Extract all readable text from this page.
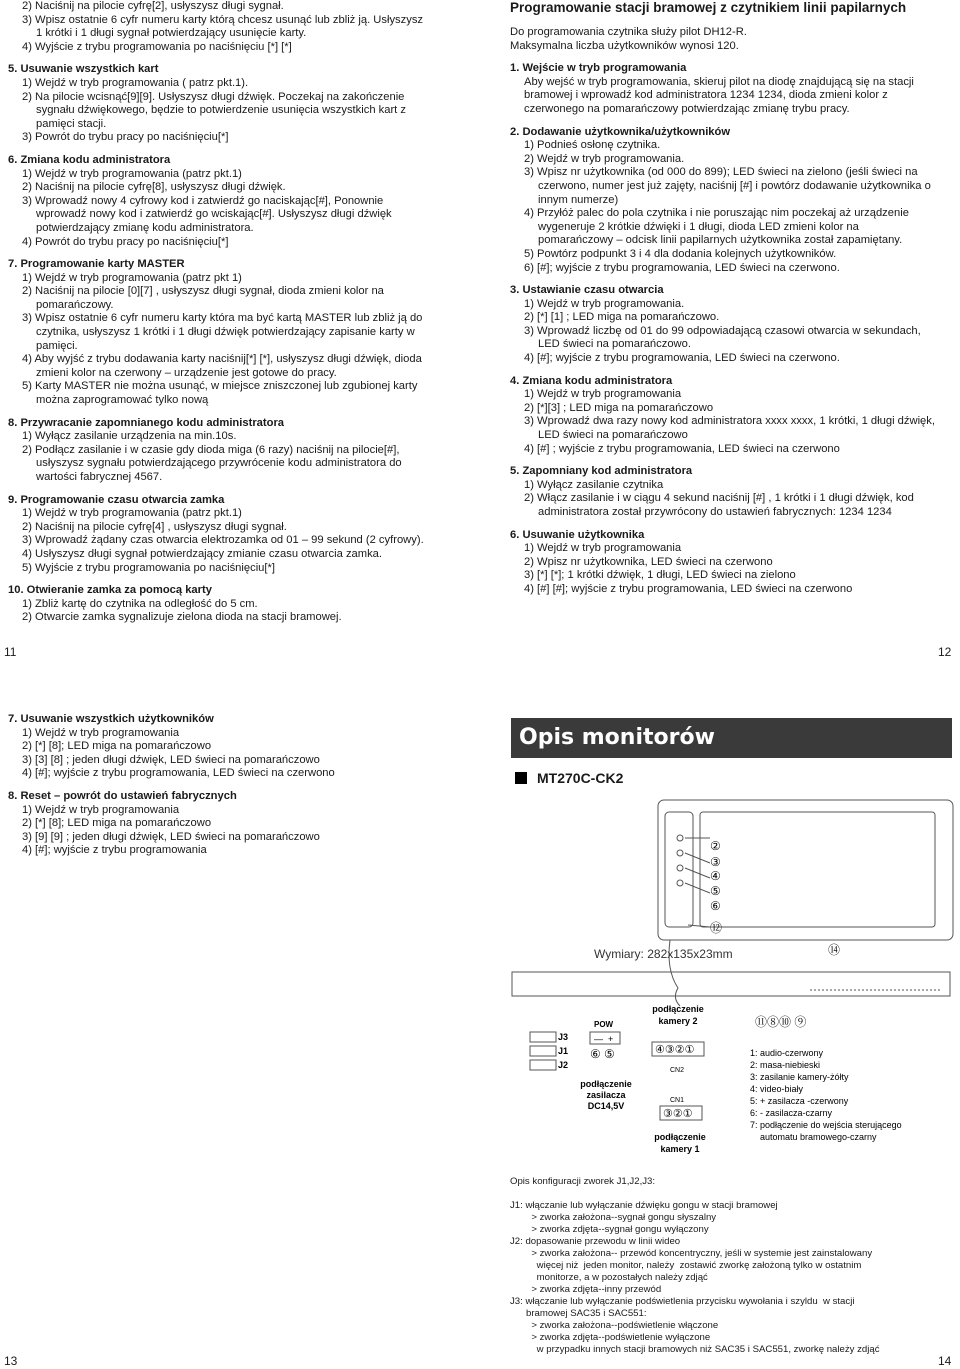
2) Naciśnij na pilocie cyfrę[2], usłyszysz długi sygnał.

3) Wpisz ostatnie 6 cyfr numeru karty którą chcesz usunąć lub zbliż ją. Usłyszysz

1 krótki i 1 długi sygnał potwierdzający usunięcie karty.

4) Wyjście z trybu programowania po naciśnięciu [*] [*]

5. Usuwanie wszystkich kart

1) Wejdź w tryb programowania ( patrz pkt.1).

2) Na pilocie wcisnąć[9][9]. Usłyszysz długi dźwięk. Poczekaj na zakończenie

sygnału dźwiękowego, będzie to potwierdzenie usunięcia wszystkich kart z

pamięci stacji.

3) Powrót do trybu pracy po naciśnięciu[*]

6. Zmiana kodu administratora

1) Wejdź w tryb programowania (patrz pkt.1)

2) Naciśnij na pilocie cyfrę[8], usłyszysz długi dźwięk.

3) Wprowadź nowy 4 cyfrowy kod i zatwierdź go naciskając[#], Ponownie

wprowadź nowy kod i zatwierdź go wciskając[#]. Usłyszysz długi dźwięk

potwierdzający zmianę kodu administratora.

4) Powrót do trybu pracy po naciśnięciu[*]

7. Programowanie karty MASTER

1) Wejdź w tryb programowania (patrz pkt 1)

2) Naciśnij na pilocie [0][7] , usłyszysz długi sygnał, dioda zmieni kolor na

pomarańczowy.

3) Wpisz ostatnie 6 cyfr numeru karty która ma być kartą MASTER lub zbliż ją do

czytnika, usłyszysz 1 krótki i 1 długi dźwięk potwierdzający zapisanie karty w

pamięci.

4) Aby wyjść z trybu dodawania karty naciśnij[*] [*], usłyszysz długi dźwięk, dioda

zmieni kolor na czerwony – urządzenie jest gotowe do pracy.

5) Karty MASTER nie można usunąć, w miejsce zniszczonej lub zgubionej karty

można zaprogramować tylko nową

8. Przywracanie zapomnianego kodu administratora

1) Wyłącz zasilanie urządzenia na min.10s.

2) Podłącz zasilanie i w czasie gdy dioda miga (6 razy) naciśnij na pilocie[#],

usłyszysz sygnału potwierdzającego przywrócenie kodu administratora do

wartości fabrycznej 4567.

9. Programowanie czasu otwarcia zamka

1) Wejdź w tryb programowania (patrz pkt.1)

2) Naciśnij na pilocie cyfrę[4] , usłyszysz długi sygnał.

3) Wprowadź żądany czas otwarcia elektrozamka od 01 – 99 sekund (2 cyfrowy).

4) Usłyszysz długi sygnał potwierdzający zmianie czasu otwarcia zamka.

5) Wyjście z trybu programowania po naciśnięciu[*]

10. Otwieranie zamka za pomocą karty

1) Zbliż kartę do czytnika na odległość do 5 cm.

2) Otwarcie zamka sygnalizuje zielona dioda na stacji bramowej.

Programowanie stacji bramowej z czytnikiem linii papilarnych

Do programowania czytnika służy pilot DH12-R.

Maksymalna liczba użytkowników wynosi 120.

1. Wejście w tryb programowania

Aby wejść w tryb programowania, skieruj pilot na diodę znajdującą się na stacji

bramowej i wprowadź kod administratora 1234 1234, dioda zmieni kolor z

czerwonego na pomarańczowy potwierdzając zmianę trybu pracy.

2. Dodawanie użytkownika/użytkowników

1) Podnieś osłonę czytnika.

2) Wejdź w tryb programowania.

3) Wpisz nr użytkownika (od 000 do 899); LED świeci na zielono (jeśli świeci na

czerwono, numer jest już zajęty, naciśnij [#] i powtórz dodawanie użytkownika o

innym numerze)

4) Przyłóż palec do pola czytnika i nie poruszając nim poczekaj aż urządzenie

wygeneruje 2 krótkie dźwięki i 1 długi, dioda LED zmieni kolor na

pomarańczowy – odcisk linii papilarnych użytkownika został zapamiętany.

5) Powtórz podpunkt 3 i 4 dla dodania kolejnych użytkowników.

6) [#]; wyjście z trybu programowania, LED świeci na czerwono.

3. Ustawianie czasu otwarcia

1) Wejdź w tryb programowania.

2) [*] [1] ; LED miga na pomarańczowo.

3) Wprowadź liczbę od 01 do 99 odpowiadającą czasowi otwarcia w sekundach,

LED świeci na pomarańczowo.

4) [#]; wyjście z trybu programowania, LED świeci na czerwono.

4. Zmiana kodu administratora

1) Wejdź w tryb programowania

2) [*][3] ; LED miga na pomarańczowo

3) Wprowadź dwa razy nowy kod administratora xxxx xxxx, 1 krótki, 1 długi dźwięk,

LED świeci na pomarańczowo

4) [#] ; wyjście z trybu programowania, LED świeci na czerwono

5. Zapomniany kod administratora

1) Wyłącz zasilanie czytnika

2) Włącz zasilanie i w ciągu 4 sekund naciśnij [#] , 1 krótki i 1 długi dźwięk, kod

administratora został przywrócony do ustawień fabrycznych: 1234 1234

6. Usuwanie użytkownika

1) Wejdź w tryb programowania

2) Wpisz nr użytkownika, LED świeci na czerwono

3) [*] [*]; 1 krótki dźwięk, 1 długi, LED świeci na zielono

4) [#] [#]; wyjście z trybu programowania, LED świeci na czerwono

7. Usuwanie wszystkich użytkowników

1) Wejdź w tryb programowania

2) [*] [8]; LED miga na pomarańczowo

3) [3] [8] ; jeden długi dźwięk, LED świeci na pomarańczowo

4) [#]; wyjście z trybu programowania, LED świeci na czerwono

8. Reset – powrót do ustawień fabrycznych

1) Wejdź w tryb programowania

2) [*] [8]; LED miga na pomarańczowo

3) [9] [9] ; jeden długi dźwięk, LED świeci na pomarańczowo

4) [#]; wyjście z trybu programowania

11	12
13	14
Opis monitorów
MT270C-CK2
②
③
④
⑤
⑥
⑫
Wymiary: 282x135x23mm	⑭
⑪⑧⑩ ⑨
J3
J1
J2
POW
— +
⑥ ⑤
podłączenie
zasilacza
DC14,5V
podłączenie
kamery 2
④③②①
CN2
CN1
③②①
podłączenie
kamery 1
1: audio-czerwony
2: masa-niebieski
3: zasilanie kamery-żółty
4: video-biały
5: + zasilacza -czerwony
6: - zasilacza-czarny
7: podłączenie do wejścia sterującego
automatu bramowego-czarny

Opis konfiguracji zworek J1,J2,J3:

J1: włączanie lub wyłączanie dźwięku gongu w stacji bramowej

> zworka założona--sygnał gongu słyszalny

> zworka zdjęta--sygnał gongu wyłączony

J2: dopasowanie przewodu w linii wideo

> zworka założona-- przewód koncentryczny, jeśli w systemie jest zainstalowany

więcej niż  jeden monitor, należy  zostawić zworkę założoną tylko w ostatnim

monitorze, a w pozostałych należy zdjąć

> zworka zdjęta--inny przewód

J3: włączanie lub wyłączanie podświetlenia przycisku wywołania i szyldu  w stacji

bramowej SAC35 i SAC551:

> zworka założona--podświetlenie włączone

> zworka zdjęta--podświetlenie wyłączone

w przypadku innych stacji bramowych niż SAC35 i SAC551, zworkę należy zdjąć
